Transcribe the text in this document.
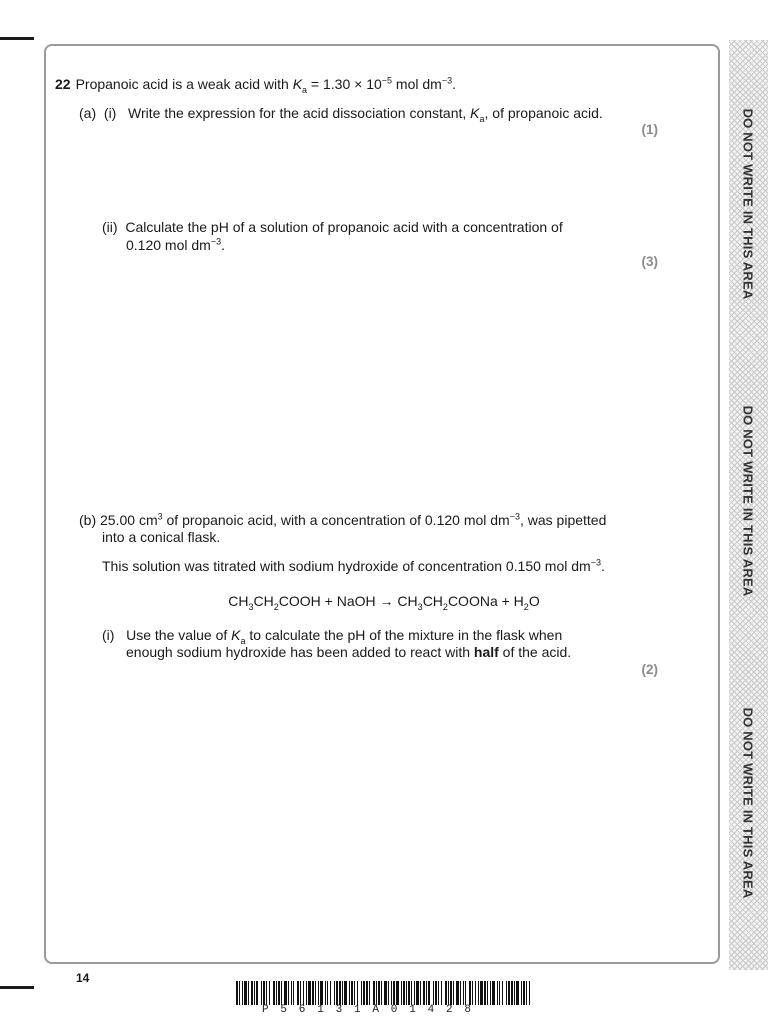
DO NOT WRITE IN THIS AREA
DO NOT WRITE IN THIS AREA
DO NOT WRITE IN THIS AREA
22 Propanoic acid is a weak acid with $K_a = 1.30 \times 10^{-5}$ mol $dm^{-3}$.
(a) (i) Write the expression for the acid dissociation constant, $K_a$, of propanoic acid.
(1)
(ii) Calculate the pH of a solution of propanoic acid with a concentration of
0.120 mol $dm^{-3}$.
(3)
(b) 25.00 $cm^3$ of propanoic acid, with a concentration of 0.120 mol $dm^{-3}$, was pipetted
into a conical flask.
This solution was titrated with sodium hydroxide of concentration 0.150 mol $dm^{-3}$.
$CH_3CH_2COOH$ + NaOH → $CH_3CH_2COONa + H_2O$
(i) Use the value of $K_a$ to calculate the pH of the mixture in the flask when
enough sodium hydroxide has been added to react with half of the acid.
(2)
14
P56131A01428
